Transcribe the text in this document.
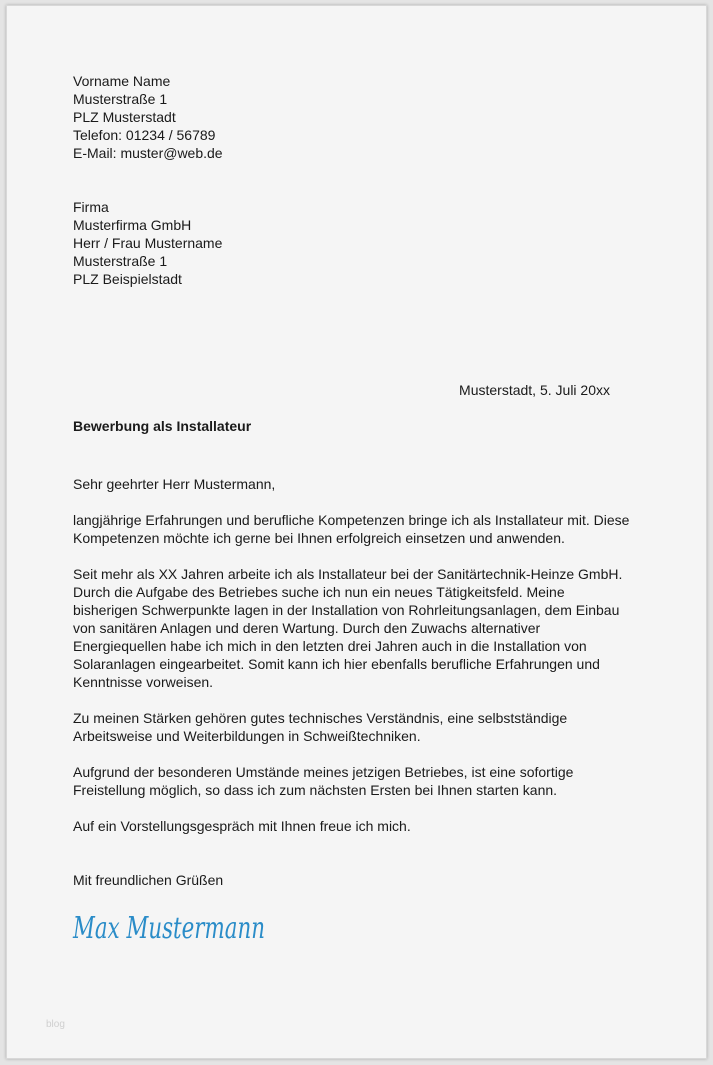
Vorname Name
Musterstraße 1
PLZ Musterstadt
Telefon: 01234 / 56789
E-Mail: muster@web.de
Firma
Musterfirma GmbH
Herr / Frau Mustername
Musterstraße 1
PLZ Beispielstadt
Musterstadt, 5. Juli 20xx
Bewerbung als Installateur
Sehr geehrter Herr Mustermann,
langjährige Erfahrungen und berufliche Kompetenzen bringe ich als Installateur mit. Diese
Kompetenzen möchte ich gerne bei Ihnen erfolgreich einsetzen und anwenden.
Seit mehr als XX Jahren arbeite ich als Installateur bei der Sanitärtechnik-Heinze GmbH.
Durch die Aufgabe des Betriebes suche ich nun ein neues Tätigkeitsfeld. Meine
bisherigen Schwerpunkte lagen in der Installation von Rohrleitungsanlagen, dem Einbau
von sanitären Anlagen und deren Wartung. Durch den Zuwachs alternativer
Energiequellen habe ich mich in den letzten drei Jahren auch in die Installation von
Solaranlagen eingearbeitet. Somit kann ich hier ebenfalls berufliche Erfahrungen und
Kenntnisse vorweisen.
Zu meinen Stärken gehören gutes technisches Verständnis, eine selbstständige
Arbeitsweise und Weiterbildungen in Schweißtechniken.
Aufgrund der besonderen Umstände meines jetzigen Betriebes, ist eine sofortige
Freistellung möglich, so dass ich zum nächsten Ersten bei Ihnen starten kann.
Auf ein Vorstellungsgespräch mit Ihnen freue ich mich.
Mit freundlichen Grüßen
Max Mustermann
blog
